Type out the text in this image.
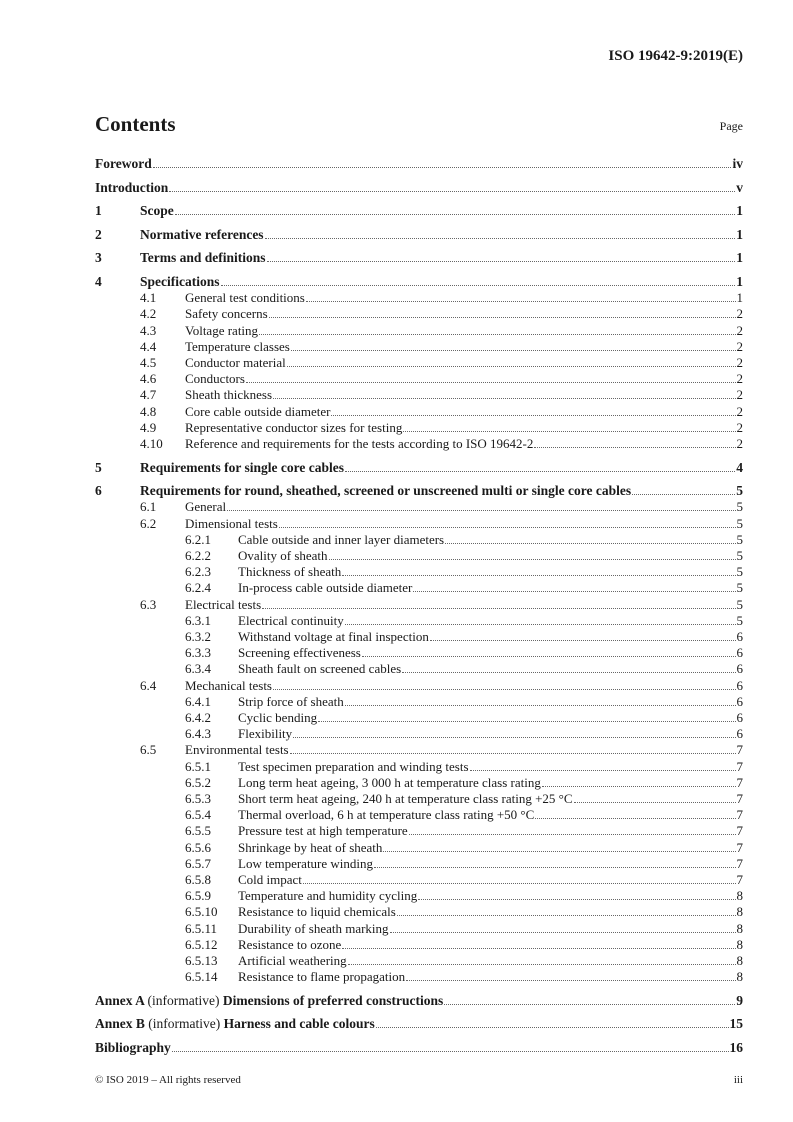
ISO 19642-9:2019(E)
Contents	Page
Foreword	iv
Introduction	v
1	Scope	1
2	Normative references	1
3	Terms and definitions	1
4	Specifications	1
4.1	General test conditions	1
4.2	Safety concerns	2
4.3	Voltage rating	2
4.4	Temperature classes	2
4.5	Conductor material	2
4.6	Conductors	2
4.7	Sheath thickness	2
4.8	Core cable outside diameter	2
4.9	Representative conductor sizes for testing	2
4.10	Reference and requirements for the tests according to ISO 19642-2	2
5	Requirements for single core cables	4
6	Requirements for round, sheathed, screened or unscreened multi or single core cables	5
6.1	General	5
6.2	Dimensional tests	5
6.2.1	Cable outside and inner layer diameters	5
6.2.2	Ovality of sheath	5
6.2.3	Thickness of sheath	5
6.2.4	In-process cable outside diameter	5
6.3	Electrical tests	5
6.3.1	Electrical continuity	5
6.3.2	Withstand voltage at final inspection	6
6.3.3	Screening effectiveness	6
6.3.4	Sheath fault on screened cables	6
6.4	Mechanical tests	6
6.4.1	Strip force of sheath	6
6.4.2	Cyclic bending	6
6.4.3	Flexibility	6
6.5	Environmental tests	7
6.5.1	Test specimen preparation and winding tests	7
6.5.2	Long term heat ageing, 3 000 h at temperature class rating	7
6.5.3	Short term heat ageing, 240 h at temperature class rating +25 °C	7
6.5.4	Thermal overload, 6 h at temperature class rating +50 °C	7
6.5.5	Pressure test at high temperature	7
6.5.6	Shrinkage by heat of sheath	7
6.5.7	Low temperature winding	7
6.5.8	Cold impact	7
6.5.9	Temperature and humidity cycling	8
6.5.10	Resistance to liquid chemicals	8
6.5.11	Durability of sheath marking	8
6.5.12	Resistance to ozone	8
6.5.13	Artificial weathering	8
6.5.14	Resistance to flame propagation	8
Annex A (informative) Dimensions of preferred constructions	9
Annex B (informative) Harness and cable colours	15
Bibliography	16
© ISO 2019 – All rights reserved	iii
